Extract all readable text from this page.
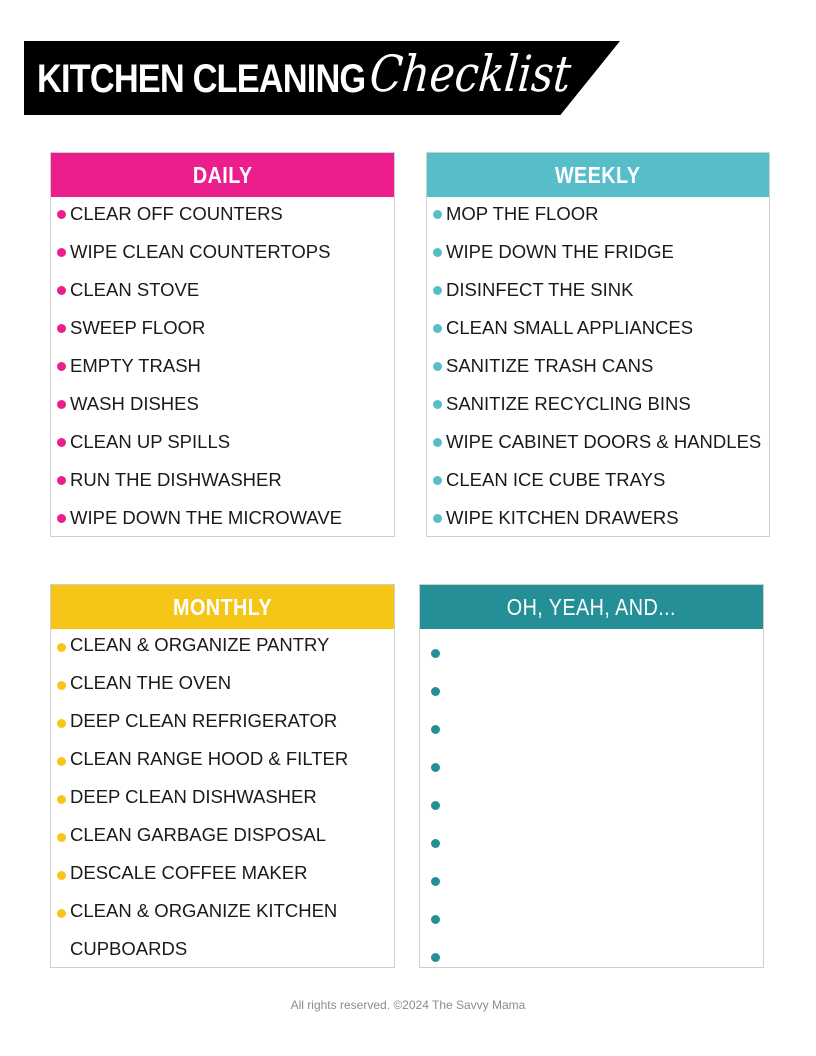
KITCHEN CLEANING Checklist
DAILY
CLEAR OFF COUNTERS
WIPE CLEAN COUNTERTOPS
CLEAN STOVE
SWEEP FLOOR
EMPTY TRASH
WASH DISHES
CLEAN UP SPILLS
RUN THE DISHWASHER
WIPE DOWN THE MICROWAVE
WEEKLY
MOP THE FLOOR
WIPE DOWN THE FRIDGE
DISINFECT THE SINK
CLEAN SMALL APPLIANCES
SANITIZE TRASH CANS
SANITIZE RECYCLING BINS
WIPE CABINET DOORS & HANDLES
CLEAN ICE CUBE TRAYS
WIPE KITCHEN DRAWERS
MONTHLY
CLEAN & ORGANIZE PANTRY
CLEAN THE OVEN
DEEP CLEAN REFRIGERATOR
CLEAN RANGE HOOD & FILTER
DEEP CLEAN DISHWASHER
CLEAN GARBAGE DISPOSAL
DESCALE COFFEE MAKER
CLEAN & ORGANIZE KITCHEN
CUPBOARDS
OH, YEAH, AND...
All rights reserved. ©2024 The Savvy Mama
